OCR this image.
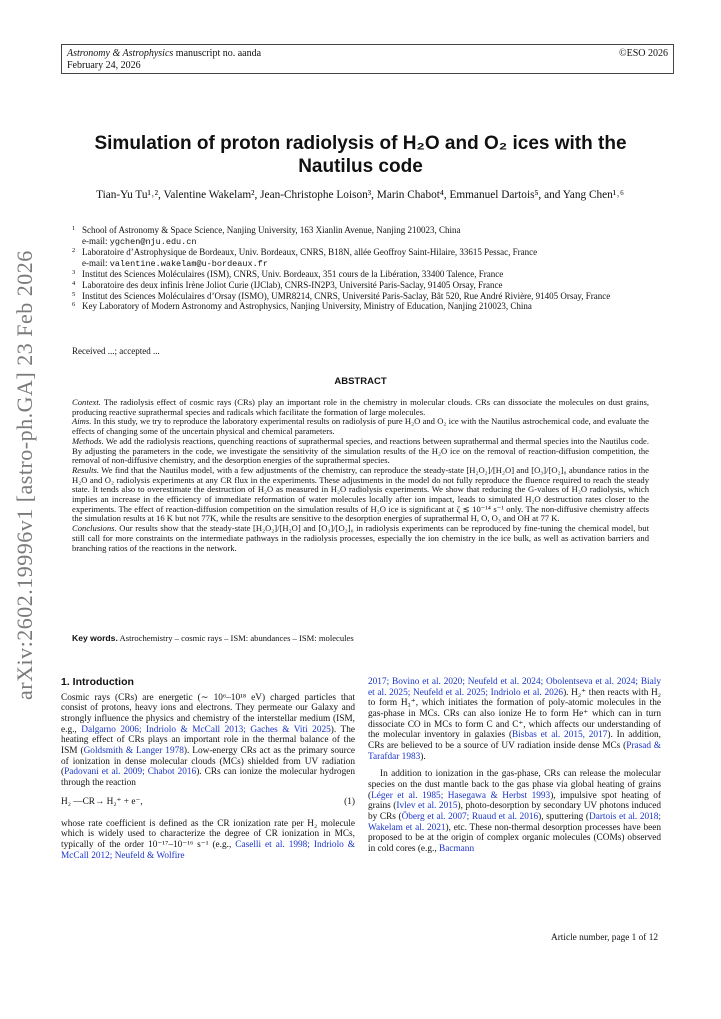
arXiv:2602.19996v1 [astro-ph.GA] 23 Feb 2026
Astronomy & Astrophysics manuscript no. aanda
February 24, 2026
©ESO 2026
Simulation of proton radiolysis of H₂O and O₂ ices with the Nautilus code
Tian-Yu Tu¹˒², Valentine Wakelam², Jean-Christophe Loison³, Marin Chabot⁴, Emmanuel Dartois⁵, and Yang Chen¹˒⁶
1 School of Astronomy & Space Science, Nanjing University, 163 Xianlin Avenue, Nanjing 210023, China
e-mail: ygchen@nju.edu.cn
2 Laboratoire d’Astrophysique de Bordeaux, Univ. Bordeaux, CNRS, B18N, allée Geoffroy Saint-Hilaire, 33615 Pessac, France
e-mail: valentine.wakelam@u-bordeaux.fr
3 Institut des Sciences Moléculaires (ISM), CNRS, Univ. Bordeaux, 351 cours de la Libération, 33400 Talence, France
4 Laboratoire des deux infinis Irène Joliot Curie (IJClab), CNRS-IN2P3, Université Paris-Saclay, 91405 Orsay, France
5 Institut des Sciences Moléculaires d’Orsay (ISMO), UMR8214, CNRS, Université Paris-Saclay, Bât 520, Rue André Rivière, 91405 Orsay, France
6 Key Laboratory of Modern Astronomy and Astrophysics, Nanjing University, Ministry of Education, Nanjing 210023, China
Received ...; accepted ...
ABSTRACT

Context. The radiolysis effect of cosmic rays (CRs) play an important role in the chemistry in molecular clouds. CRs can dissociate the molecules on dust grains, producing reactive suprathermal species and radicals which facilitate the formation of large molecules.

Aims. In this study, we try to reproduce the laboratory experimental results on radiolysis of pure H₂O and O₂ ice with the Nautilus astrochemical code, and evaluate the effects of changing some of the uncertain physical and chemical parameters.

Methods. We add the radiolysis reactions, quenching reactions of suprathermal species, and reactions between suprathermal and thermal species into the Nautilus code. By adjusting the parameters in the code, we investigate the sensitivity of the simulation results of the H₂O ice on the removal of reaction-diffusion competition, the removal of non-diffusive chemistry, and the desorption energies of the suprathermal species.

Results. We find that the Nautilus model, with a few adjustments of the chemistry, can reproduce the steady-state [H₂O₂]/[H₂O] and [O₃]/[O₂]₀ abundance ratios in the H₂O and O₂ radiolysis experiments at any CR flux in the experiments. These adjustments in the model do not fully reproduce the fluence required to reach the steady state. It tends also to overestimate the destruction of H₂O as measured in H₂O radiolysis experiments. We show that reducing the G-values of H₂O radiolysis, which implies an increase in the efficiency of immediate reformation of water molecules locally after ion impact, leads to simulated H₂O destruction rates closer to the experiments. The effect of reaction-diffusion competition on the simulation results of H₂O ice is significant at ζ ≲ 10⁻¹⁴ s⁻¹ only. The non-diffusive chemistry affects the simulation results at 16 K but not 77K, while the results are sensitive to the desorption energies of suprathermal H, O, O₃ and OH at 77 K.

Conclusions. Our results show that the steady-state [H₂O₂]/[H₂O] and [O₃]/[O₂]₀ in radiolysis experiments can be reproduced by fine-tuning the chemical model, but still call for more constraints on the intermediate pathways in the radiolysis processes, especially the ion chemistry in the ice bulk, as well as activation barriers and branching ratios of the reactions in the network.

Key words. Astrochemistry – cosmic rays – ISM: abundances – ISM: molecules
1. Introduction

Cosmic rays (CRs) are energetic (∼ 10⁶–10¹⁸ eV) charged particles that consist of protons, heavy ions and electrons. They permeate our Galaxy and strongly influence the physics and chemistry of the interstellar medium (ISM, e.g., Dalgarno 2006; Indriolo & McCall 2013; Gaches & Viti 2025). The heating effect of CRs plays an important role in the thermal balance of the ISM (Goldsmith & Langer 1978). Low-energy CRs act as the primary source of ionization in dense molecular clouds (MCs) shielded from UV radiation (Padovani et al. 2009; Chabot 2016). CRs can ionize the molecular hydrogen through the reaction

H₂ —CR→ H₂⁺ + e⁻,	(1)

whose rate coefficient is defined as the CR ionization rate per H₂ molecule which is widely used to characterize the degree of CR ionization in MCs, typically of the order 10⁻¹⁷–10⁻¹⁶ s⁻¹ (e.g., Caselli et al. 1998; Indriolo & McCall 2012; Neufeld & Wolfire

2017; Bovino et al. 2020; Neufeld et al. 2024; Obolentseva et al. 2024; Bialy et al. 2025; Neufeld et al. 2025; Indriolo et al. 2026). H₂⁺ then reacts with H₂ to form H₃⁺, which initiates the formation of poly-atomic molecules in the gas-phase in MCs. CRs can also ionize He to form He⁺ which can in turn dissociate CO in MCs to form C and C⁺, which affects our understanding of the molecular inventory in galaxies (Bisbas et al. 2015, 2017). In addition, CRs are believed to be a source of UV radiation inside dense MCs (Prasad & Tarafdar 1983).

In addition to ionization in the gas-phase, CRs can release the molecular species on the dust mantle back to the gas phase via global heating of grains (Léger et al. 1985; Hasegawa & Herbst 1993), impulsive spot heating of grains (Ivlev et al. 2015), photo-desorption by secondary UV photons induced by CRs (Öberg et al. 2007; Ruaud et al. 2016), sputtering (Dartois et al. 2018; Wakelam et al. 2021), etc. These non-thermal desorption processes have been proposed to be at the origin of complex organic molecules (COMs) observed in cold cores (e.g., Bacmann

Article number, page 1 of 12
